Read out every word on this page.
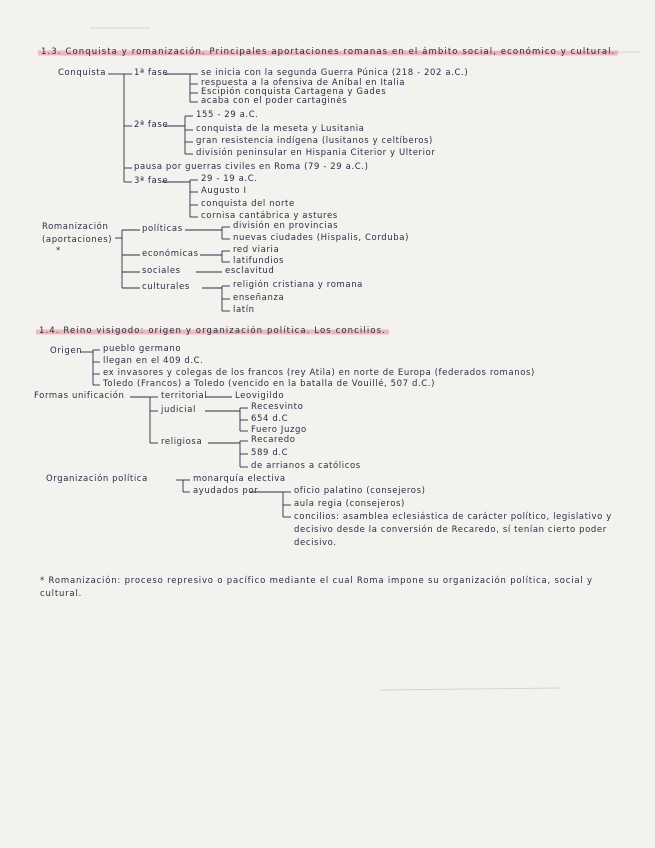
1.3. Conquista y romanización. Principales aportaciones romanas en el ámbito social, económico y cultural.
Conquista	1ª fase	se inicia con la segunda Guerra Púnica (218 - 202 a.C.)
respuesta a la ofensiva de Aníbal en Italia
Escipión conquista Cartagena y Gades
acaba con el poder cartaginés
2ª fase
155 - 29 a.C.
conquista de la meseta y Lusitania
gran resistencia indígena (lusitanos y celtíberos)
división peninsular en Hispania Citerior y Ulterior
pausa por guerras civiles en Roma (79 - 29 a.C.)
3ª fase	29 - 19 a.C.
Augusto I
conquista del norte
cornisa cantábrica y astures
Romanización
(aportaciones)
*
políticas	división en provincias
nuevas ciudades (Hispalis, Corduba)
económicas	red viaria
latifundios
sociales	esclavitud
culturales	religión cristiana y romana
enseñanza
latín
1.4. Reino visigodo: origen y organización política. Los concilios.
Origen pueblo germano
llegan en el 409 d.C.
ex invasores y colegas de los francos (rey Atila) en norte de Europa (federados romanos)
Toledo (Francos) a Toledo (vencido en la batalla de Vouillé, 507 d.C.)
Formas unificación	territorial	Leovigildo
judicial	Recesvinto
654 d.C
Fuero Juzgo
religiosa	Recaredo
589 d.C
de arrianos a católicos
Organización política	monarquía electiva
ayudados por	oficio palatino (consejeros)
aula regia (consejeros)
concilios: asamblea eclesiástica de carácter político, legislativo y decisivo desde la conversión de Recaredo, sí tenían cierto poder decisivo.
* Romanización: proceso represivo o pacífico mediante el cual Roma impone su organización política, social y cultural.
